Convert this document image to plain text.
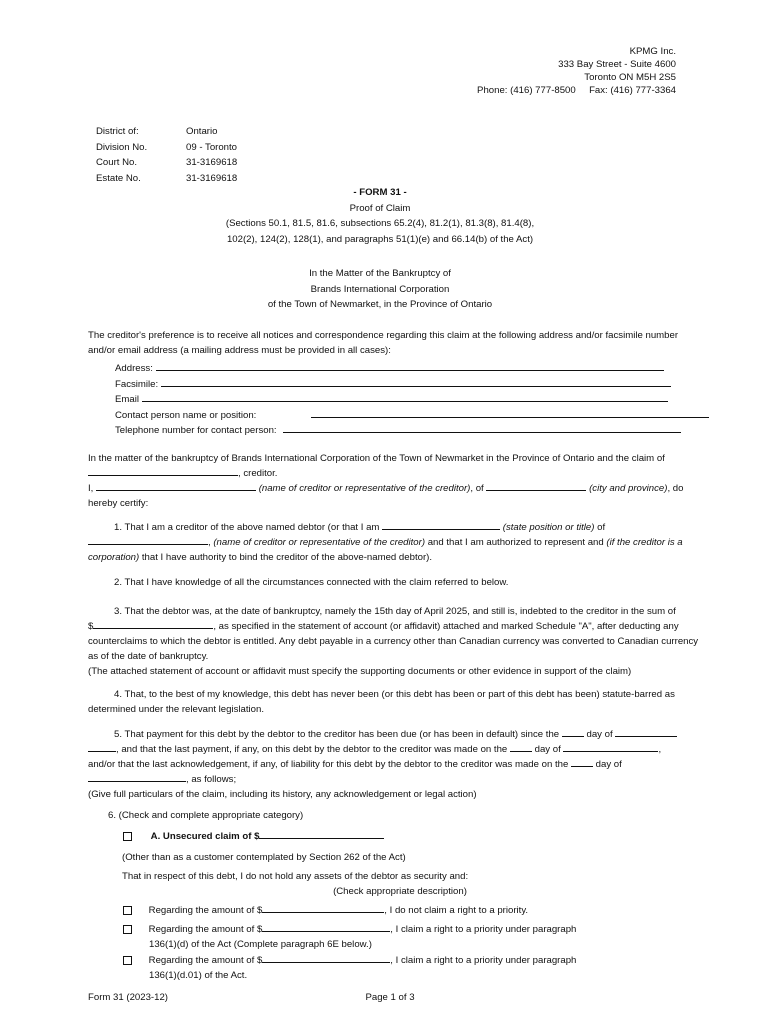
KPMG Inc.
333 Bay Street - Suite 4600
Toronto ON M5H 2S5
Phone: (416) 777-8500 Fax: (416) 777-3364
District of:	Ontario
Division No.	09 - Toronto
Court No.	31-3169618
Estate No.	31-3169618
- FORM 31 -
Proof of Claim
(Sections 50.1, 81.5, 81.6, subsections 65.2(4), 81.2(1), 81.3(8), 81.4(8),
102(2), 124(2), 128(1), and paragraphs 51(1)(e) and 66.14(b) of the Act)
In the Matter of the Bankruptcy of
Brands International Corporation
of the Town of Newmarket, in the Province of Ontario
The creditor's preference is to receive all notices and correspondence regarding this claim at the following address and/or facsimile number
and/or email address (a mailing address must be provided in all cases):
Address:
Facsimile:
Email
Contact person name or position:
Telephone number for contact person:
In the matter of the bankruptcy of Brands International Corporation of the Town of Newmarket in the Province of Ontario and the claim of
, creditor.
I,	(name of creditor or representative of the creditor), of	(city and province), do
hereby certify:
1. That I am a creditor of the above named debtor (or that I am	(state position or title) of
, (name of creditor or representative of the creditor) and that I am authorized to represent and (if the creditor is a
corporation) that I have authority to bind the creditor of the above-named debtor).
2. That I have knowledge of all the circumstances connected with the claim referred to below.
3. That the debtor was, at the date of bankruptcy, namely the 15th day of April 2025, and still is, indebted to the creditor in the sum of
$	, as specified in the statement of account (or affidavit) attached and marked Schedule "A", after deducting any
counterclaims to which the debtor is entitled. Any debt payable in a currency other than Canadian currency was converted to Canadian currency
as of the date of bankruptcy.
(The attached statement of account or affidavit must specify the supporting documents or other evidence in support of the claim)
4. That, to the best of my knowledge, this debt has never been (or this debt has been or part of this debt has been) statute-barred as
determined under the relevant legislation.
5. That payment for this debt by the debtor to the creditor has been due (or has been in default) since the	day of
, and that the last payment, if any, on this debt by the debtor to the creditor was made on the	day of	,
and/or that the last acknowledgement, if any, of liability for this debt by the debtor to the creditor was made on the	day of
, as follows;
(Give full particulars of the claim, including its history, any acknowledgement or legal action)
6. (Check and complete appropriate category)
A. Unsecured claim of $
(Other than as a customer contemplated by Section 262 of the Act)
That in respect of this debt, I do not hold any assets of the debtor as security and:
(Check appropriate description)
Regarding the amount of $	, I do not claim a right to a priority.
Regarding the amount of $	, I claim a right to a priority under paragraph
136(1)(d) of the Act (Complete paragraph 6E below.)
Regarding the amount of $	, I claim a right to a priority under paragraph
136(1)(d.01) of the Act.
Form 31 (2023-12)	Page 1 of 3
